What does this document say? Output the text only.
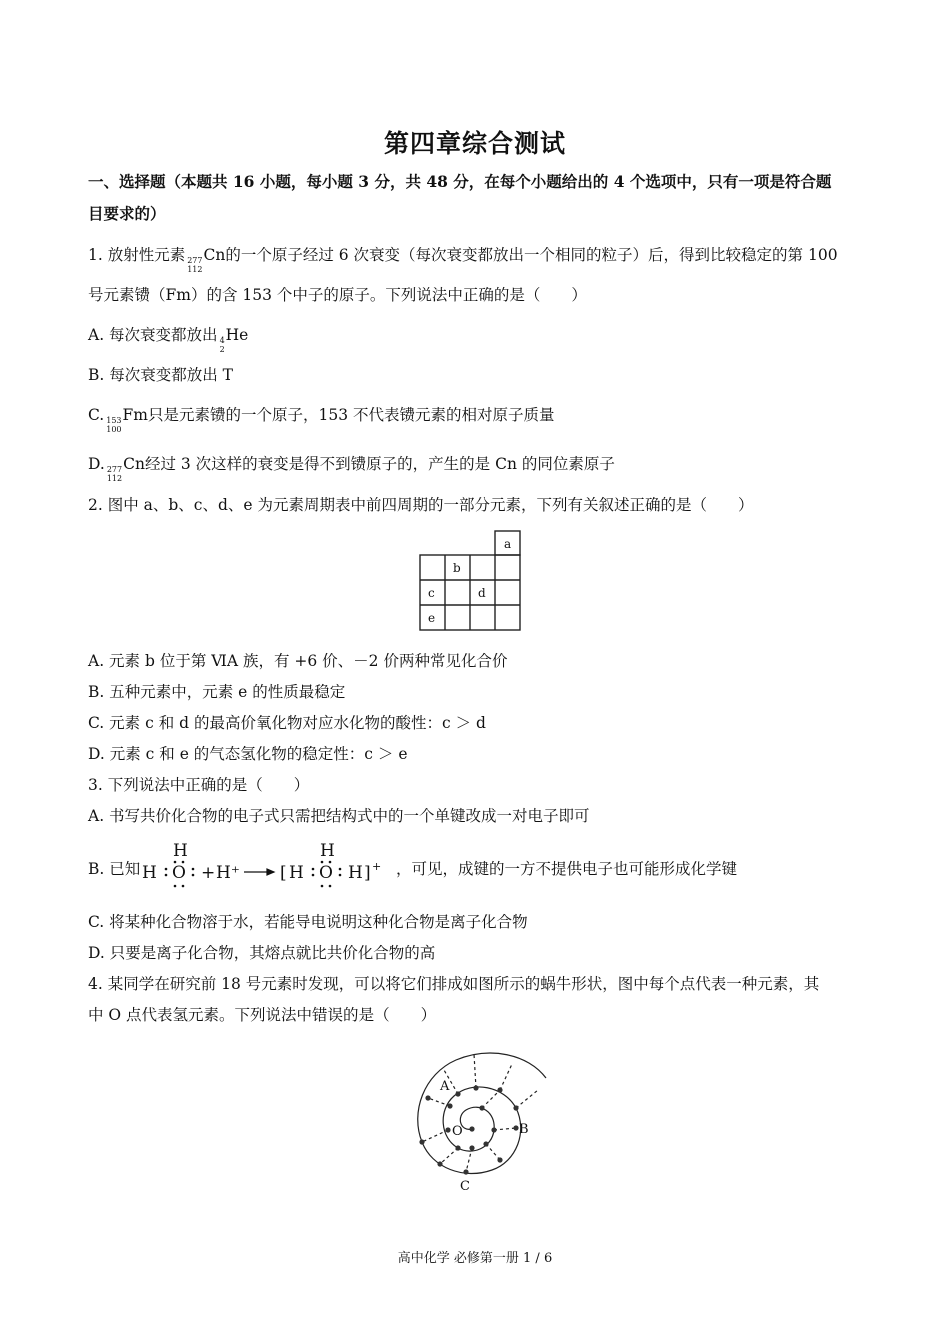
第四章综合测试
一、选择题（本题共 16 小题，每小题 3 分，共 48 分，在每个小题给出的 4 个选项中，只有一项是符合题
目要求的）
1. 放射性元素 277
112
Cn的一个原子经过 6 次衰变（每次衰变都放出一个相同的粒子）后，得到比较稳定的第 100
号元素镄（Fm）的含 153 个中子的原子。下列说法中正确的是（　　）
A. 每次衰变都放出 4
2
He
B. 每次衰变都放出 T
C. 153
100
Fm只是元素镄的一个原子，153 不代表镄元素的相对原子质量
D. 277
112
Cn经过 3 次这样的衰变是得不到镄原子的，产生的是 Cn 的同位素原子
2. 图中 a、b、c、d、e 为元素周期表中前四周期的一部分元素，下列有关叙述正确的是（　　）
a
b
c	d
e
A. 元素 b 位于第 ⅥA 族，有 +6 价、－2 价两种常见化合价
B. 五种元素中，元素 e 的性质最稳定
C. 元素 c 和 d 的最高价氧化物对应水化物的酸性：c ＞ d
D. 元素 c 和 e 的气态氢化物的稳定性：c ＞ e
3. 下列说法中正确的是（　　）
A. 书写共价化合物的电子式只需把结构式中的一个单键改成一对电子即可
B. 已知 H
H
O + H⁺ [ H
H
O H ] + ，可见，成键的一方不提供电子也可能形成化学键
C. 将某种化合物溶于水，若能导电说明这种化合物是离子化合物
D. 只要是离子化合物，其熔点就比共价化合物的高
4. 某同学在研究前 18 号元素时发现，可以将它们排成如图所示的蜗牛形状，图中每个点代表一种元素，其
中 O 点代表氢元素。下列说法中错误的是（　　）
A
O	B
C
高中化学 必修第一册 1 / 6
